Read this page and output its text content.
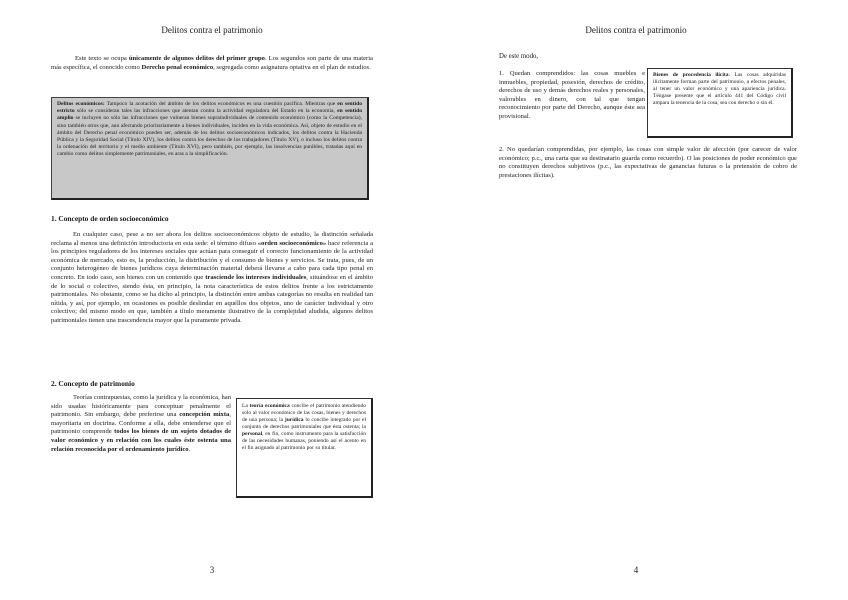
Delitos contra el patrimonio

Este texto se ocupa únicamente de algunos delitos del primer grupo. Los segundos son parte de una materia más específica, el conocido como Derecho penal económico, segregada como asignatura optativa en el plan de estudios.

Delitos económicos: Tampoco la acotación del ámbito de los delitos económicos es una cuestión pacífica. Mientras que en sentido estricto sólo se consideran tales las infracciones que atentan contra la actividad reguladora del Estado en la economía, en sentido amplio se incluyen no sólo las infracciones que vulneran bienes supraindividuales de contenido económico (como la Competencia), sino también otros que, aun afectando prioritariamente a bienes individuales, inciden en la vida económica. Así, objeto de estudio en el ámbito del Derecho penal económico pueden ser, además de los delitos socioeconómicos indicados, los delitos contra la Hacienda Pública y la Seguridad Social (Título XIV), los delitos contra los derechos de los trabajadores (Título XV), o incluso los delitos contra la ordenación del territorio y el medio ambiente (Título XVI), pero también, por ejemplo, las insolvencias punibles, tratadas aquí en cambio como delitos simplemente patrimoniales, en aras a la simplificación.
1. Concepto de orden socioeconómico

En cualquier caso, pese a no ser ahora los delitos socioeconómicos objeto de estudio, la distinción señalada reclama al menos una definición introductoria en esta sede: el término difuso «orden socioeconómico» hace referencia a los principios reguladores de los intereses sociales que actúan para conseguir el correcto funcionamiento de la actividad económica de mercado, esto es, la producción, la distribución y el consumo de bienes y servicios. Se trata, pues, de un conjunto heterogéneo de bienes jurídicos cuya determinación material deberá llevarse a cabo para cada tipo penal en concreto. En todo caso, son bienes con un contenido que trasciende los intereses individuales, situándose en el ámbito de lo social o colectivo, siendo ésta, en principio, la nota característica de estos delitos frente a los estrictamente patrimoniales. No obstante, como se ha dicho al principio, la distinción entre ambas categorías no resulta en realidad tan nítida, y así, por ejemplo, en ocasiones es posible deslindar en aquéllos dos objetos, uno de carácter individual y otro colectivo; del mismo modo en que, también a título meramente ilustrativo de la complejidad aludida, algunos delitos patrimoniales tienen una trascendencia mayor que la puramente privada.

2. Concepto de patrimonio

Teorías contrapuestas, como la jurídica y la económica, han sido usadas históricamente para conceptuar penalmente el patrimonio. Sin embargo, debe preferirse una concepción mixta, mayoritaria en doctrina. Conforme a ella, debe entenderse que el patrimonio comprende todos los bienes de un sujeto dotados de valor económico y en relación con los cuales éste ostenta una relación reconocida por el ordenamiento jurídico.

La teoría económica concibe el patrimonio atendiendo solo al valor económico de las cosas, bienes y derechos de una persona; la jurídica lo concibe integrado por el conjunto de derechos patrimoniales que ésta ostenta; la personal, en fin, como instrumento para la satisfacción de las necesidades humanas, poniendo así el acento en el fin asignado al patrimonio por su titular.
3
Delitos contra el patrimonio

De este modo,

1. Quedan comprendidos: las cosas muebles e inmuebles, propiedad, posesión, derechos de crédito, derechos de uso y demás derechos reales y personales, valorables en dinero, con tal que tengan reconocimiento por parte del Derecho, aunque éste sea provisional.

Bienes de procedencia ilícita: Las cosas adquiridas ilícitamente forman parte del patrimonio, a efectos penales, al tener un valor económico y una apariencia jurídica. Téngase presente que el artículo 441 del Código civil ampara la tenencia de la cosa, sea con derecho o sin él.

2. No quedarían comprendidas, por ejemplo, las cosas con simple valor de afección (por carecer de valor económico; p.c., una carta que su destinatario guarda como recuerdo). O las posiciones de poder económico que no constituyen derechos subjetivos (p.c., las expectativas de ganancias futuras o la pretensión de cobro de prestaciones ilícitas).

4
